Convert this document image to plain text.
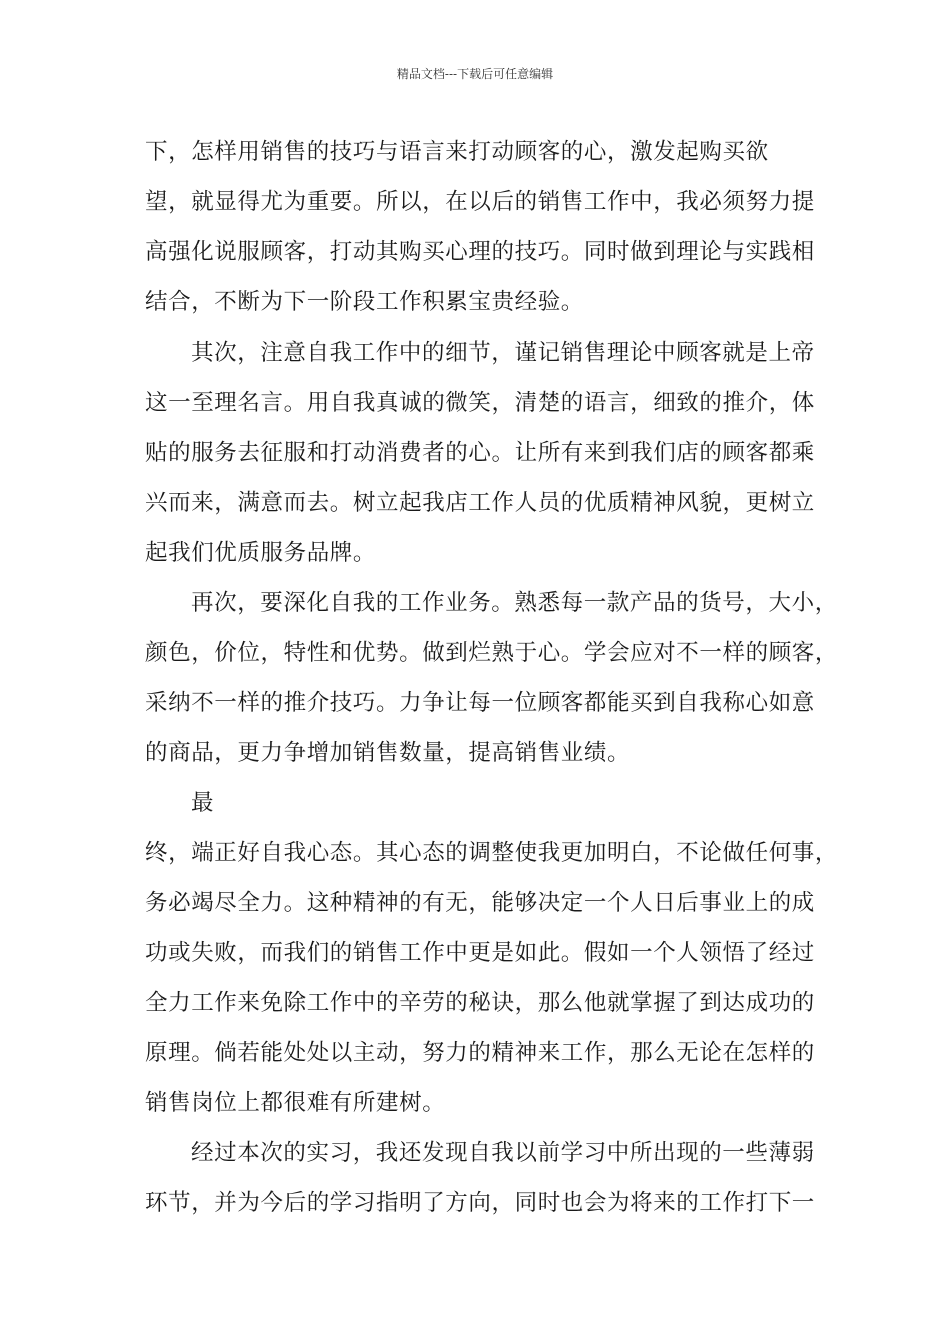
精品文档---下载后可任意编辑
下，怎样用销售的技巧与语言来打动顾客的心，激发起购买欲
望，就显得尤为重要。所以，在以后的销售工作中，我必须努力提
高强化说服顾客，打动其购买心理的技巧。同时做到理论与实践相
结合，不断为下一阶段工作积累宝贵经验。
其次，注意自我工作中的细节，谨记销售理论中顾客就是上帝
这一至理名言。用自我真诚的微笑，清楚的语言，细致的推介，体
贴的服务去征服和打动消费者的心。让所有来到我们店的顾客都乘
兴而来，满意而去。树立起我店工作人员的优质精神风貌，更树立
起我们优质服务品牌。
再次，要深化自我的工作业务。熟悉每一款产品的货号，大小，
颜色，价位，特性和优势。做到烂熟于心。学会应对不一样的顾客，
采纳不一样的推介技巧。力争让每一位顾客都能买到自我称心如意
的商品，更力争增加销售数量，提高销售业绩。
最
终，端正好自我心态。其心态的调整使我更加明白，不论做任何事，
务必竭尽全力。这种精神的有无，能够决定一个人日后事业上的成
功或失败，而我们的销售工作中更是如此。假如一个人领悟了经过
全力工作来免除工作中的辛劳的秘诀，那么他就掌握了到达成功的
原理。倘若能处处以主动，努力的精神来工作，那么无论在怎样的
销售岗位上都很难有所建树。
经过本次的实习，我还发现自我以前学习中所出现的一些薄弱
环节，并为今后的学习指明了方向，同时也会为将来的工作打下一
